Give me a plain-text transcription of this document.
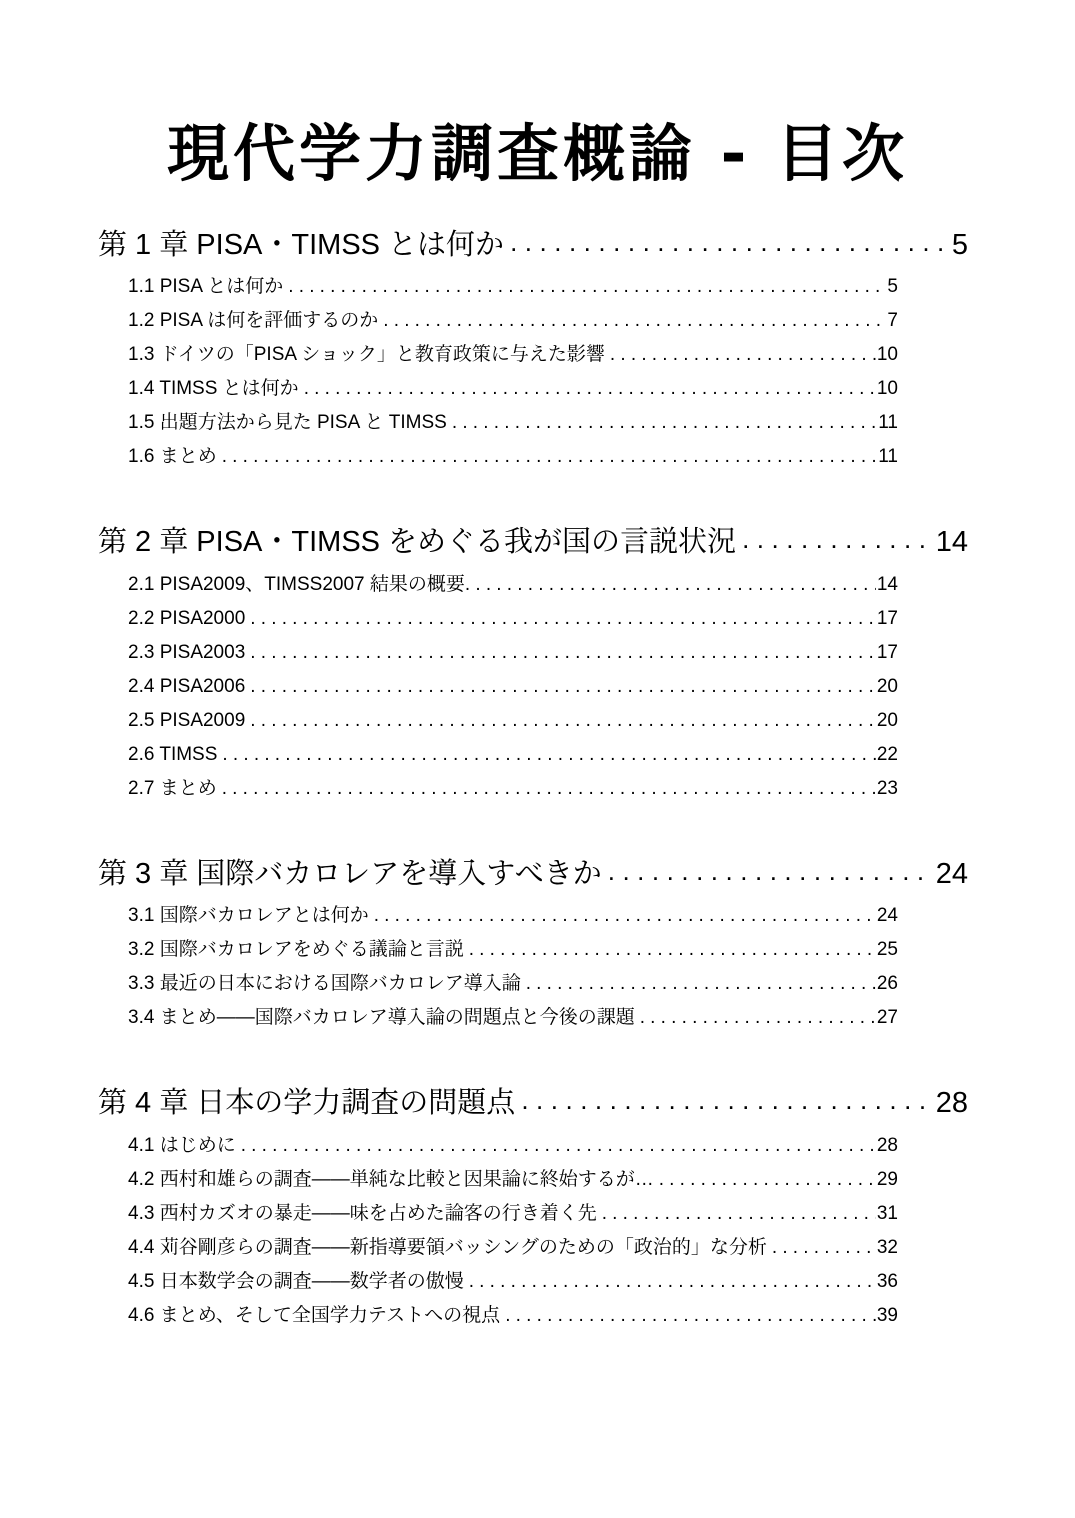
現代学力調査概論 - 目次
第 1 章 PISA・TIMSS とは何か .....	5
1.1 PISA とは何か .....	5
1.2 PISA は何を評価するのか .....	7
1.3 ドイツの「PISA ショック」と教育政策に与えた影響 .....	10
1.4 TIMSS とは何か .....	10
1.5 出題方法から見た PISA と TIMSS .....	11
1.6 まとめ .....	11
第 2 章 PISA・TIMSS をめぐる我が国の言説状況 .....	14
2.1 PISA2009、TIMSS2007 結果の概要 .....	14
2.2 PISA2000 .....	17
2.3 PISA2003 .....	17
2.4 PISA2006 .....	20
2.5 PISA2009 .....	20
2.6 TIMSS .....	22
2.7 まとめ .....	23
第 3 章 国際バカロレアを導入すべきか .....	24
3.1 国際バカロレアとは何か .....	24
3.2 国際バカロレアをめぐる議論と言説 .....	25
3.3 最近の日本における国際バカロレア導入論 .....	26
3.4 まとめ——国際バカロレア導入論の問題点と今後の課題 .....	27
第 4 章 日本の学力調査の問題点 .....	28
4.1 はじめに .....	28
4.2 西村和雄らの調査——単純な比較と因果論に終始するが… .....	29
4.3 西村カズオの暴走——味を占めた論客の行き着く先 .....	31
4.4 苅谷剛彦らの調査——新指導要領バッシングのための「政治的」な分析 .....	32
4.5 日本数学会の調査——数学者の傲慢 .....	36
4.6 まとめ、そして全国学力テストへの視点 .....	39
